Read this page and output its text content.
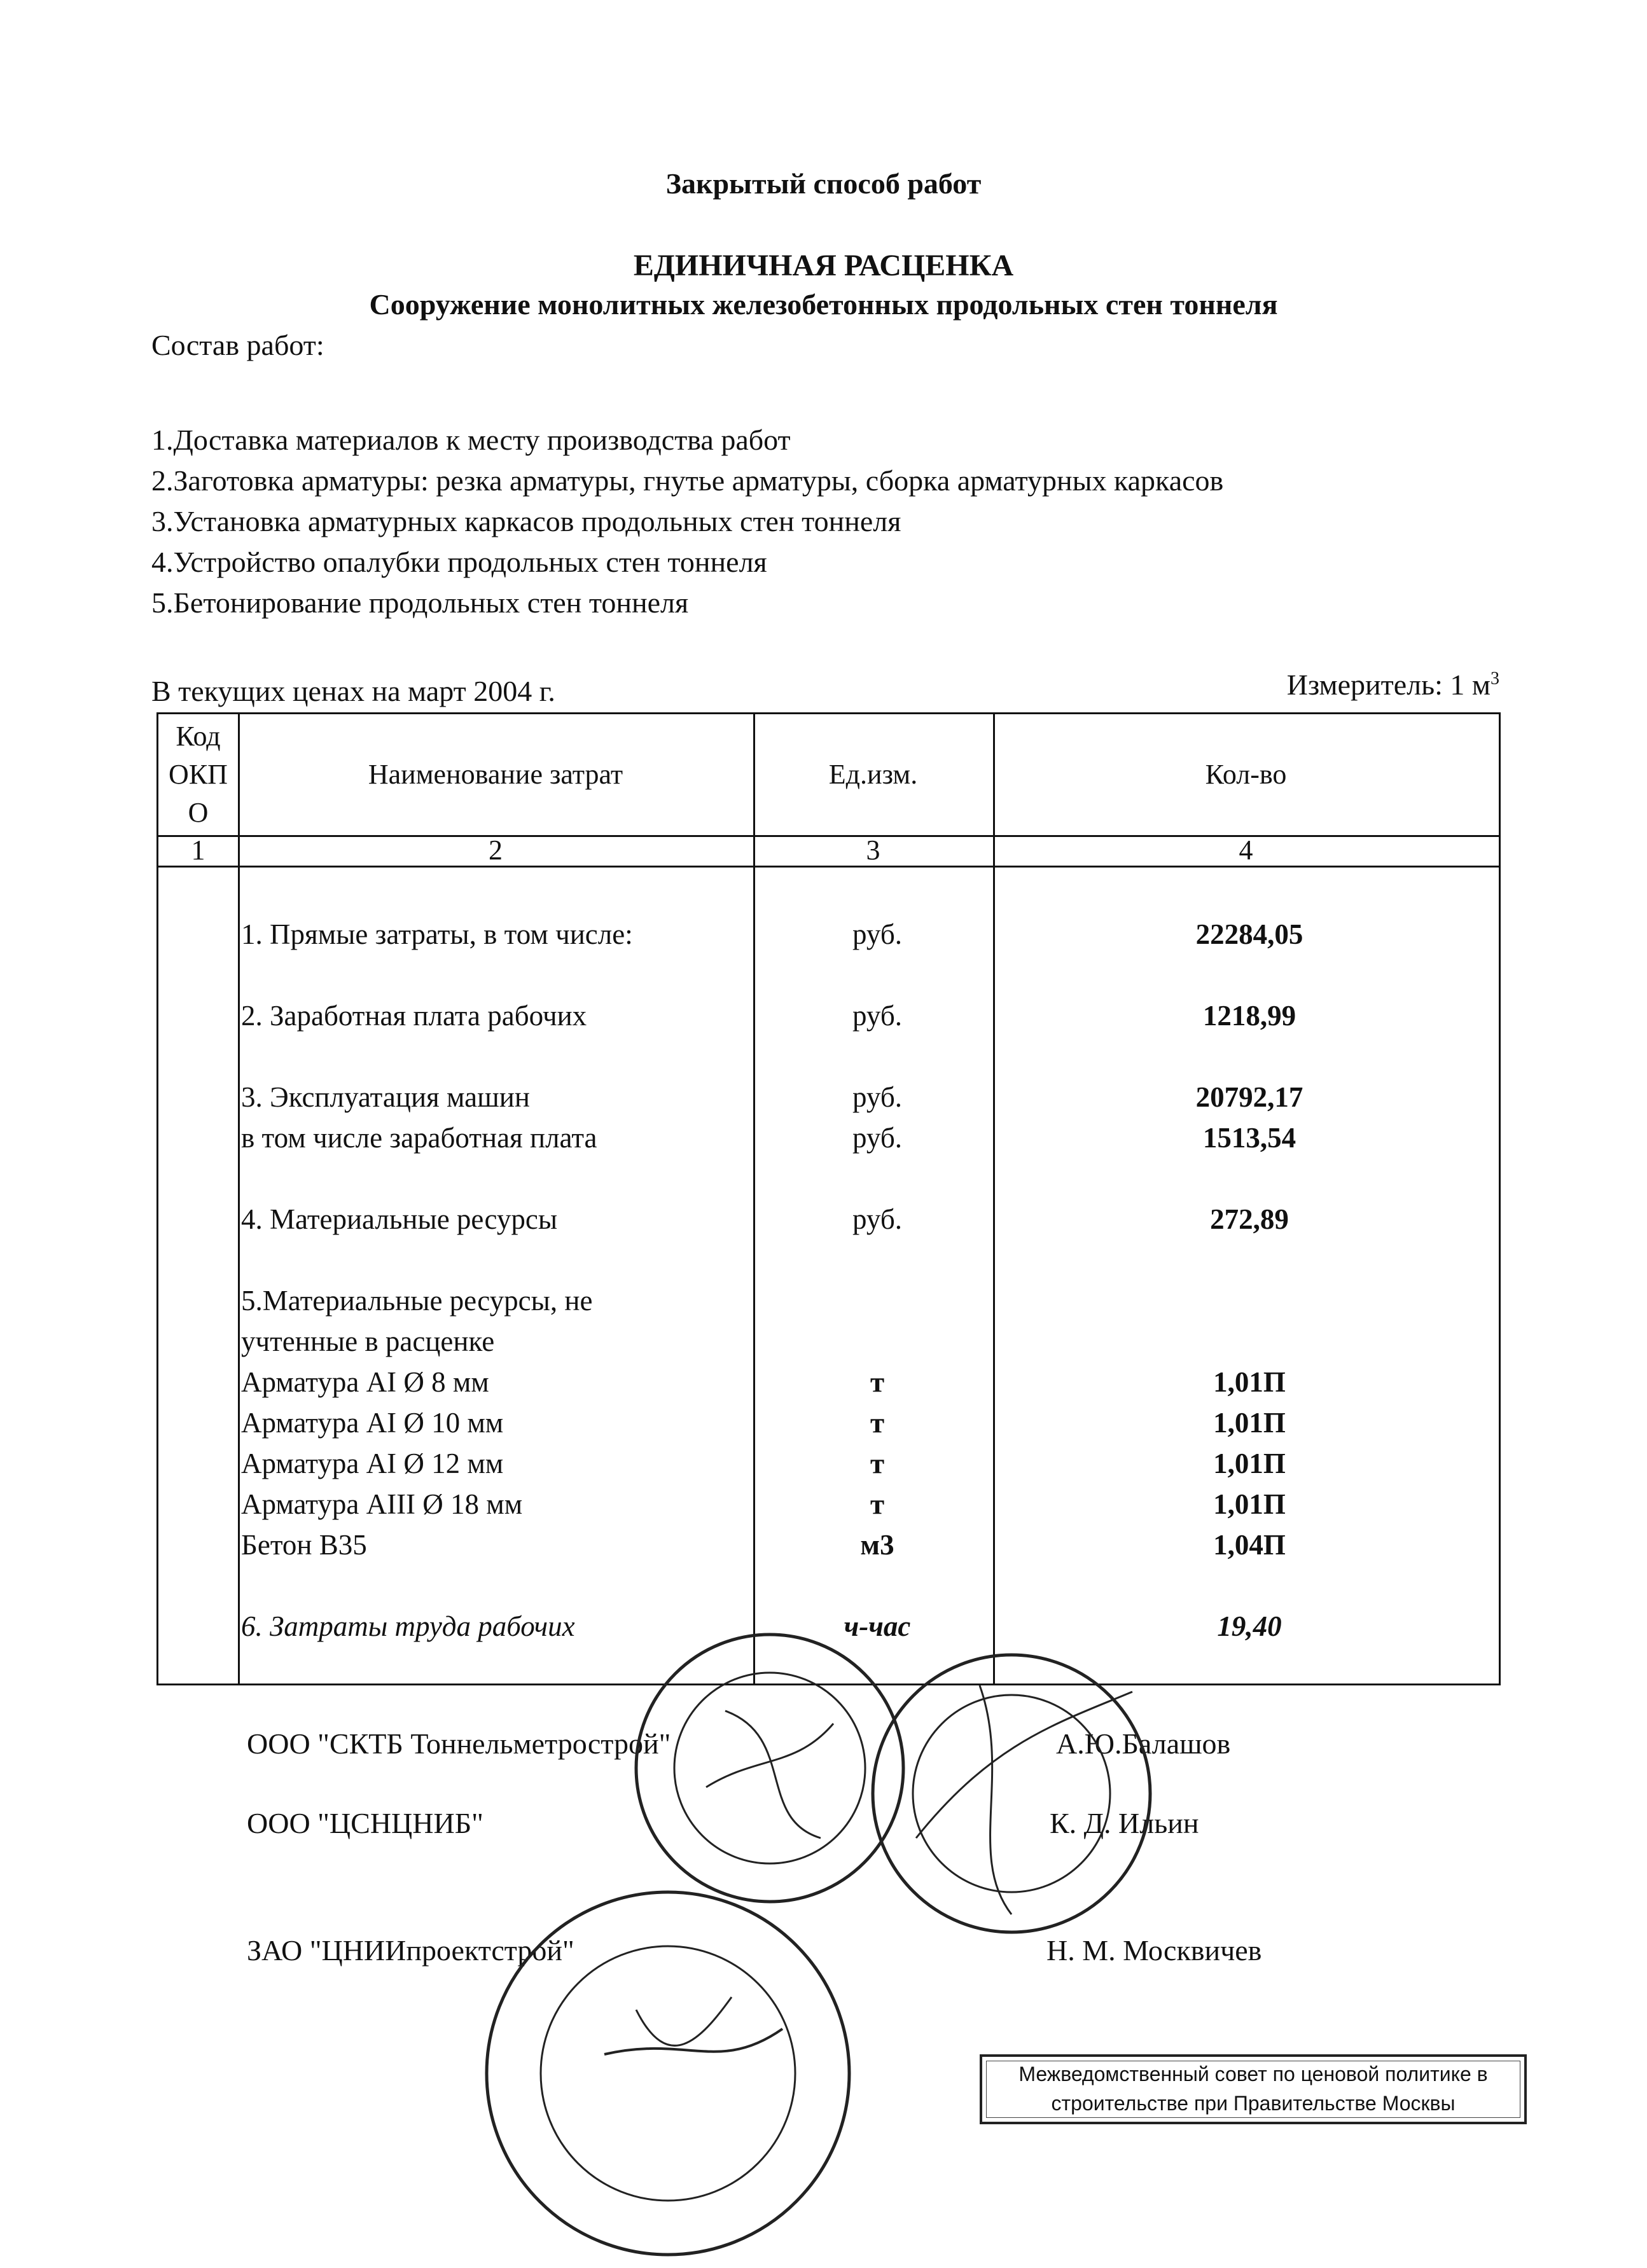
Закрытый способ работ
ЕДИНИЧНАЯ РАСЦЕНКА
Сооружение монолитных железобетонных продольных стен тоннеля
Состав работ:
1.Доставка материалов к месту производства работ
2.Заготовка арматуры: резка арматуры, гнутье арматуры, сборка арматурных каркасов
3.Установка арматурных каркасов продольных стен тоннеля
4.Устройство опалубки продольных стен тоннеля
5.Бетонирование продольных стен тоннеля
В текущих ценах на март 2004 г.	Измеритель: 1 $м^3$
Код ОКП О
Наименование затрат	Ед.изм.	Кол-во
1	2	3	4
1. Прямые затраты, в том числе:	руб.	22284,05
2. Заработная плата рабочих	руб.	1218,99
3. Эксплуатация машин	руб.	20792,17
в том числе заработная плата	руб.	1513,54
4. Материальные ресурсы	руб.	272,89
5.Материальные ресурсы, не
учтенные в расценке
Арматура AI Ø 8 мм	т	1,01П
Арматура AI Ø 10 мм	т	1,01П
Арматура AI Ø 12 мм	т	1,01П
Арматура AIII Ø 18 мм	т	1,01П
Бетон B35	м3	1,04П
6. Затраты труда рабочих	ч-час	19,40
ООО "СКТБ Тоннельметрострой"	А.Ю.Балашов
ООО "ЦСНЦНИБ"	К. Д. Ильин
ЗАО "ЦНИИпроектстрой"	Н. М. Москвичев
Межведомственный совет по ценовой политике в
строительстве при Правительстве Москвы
